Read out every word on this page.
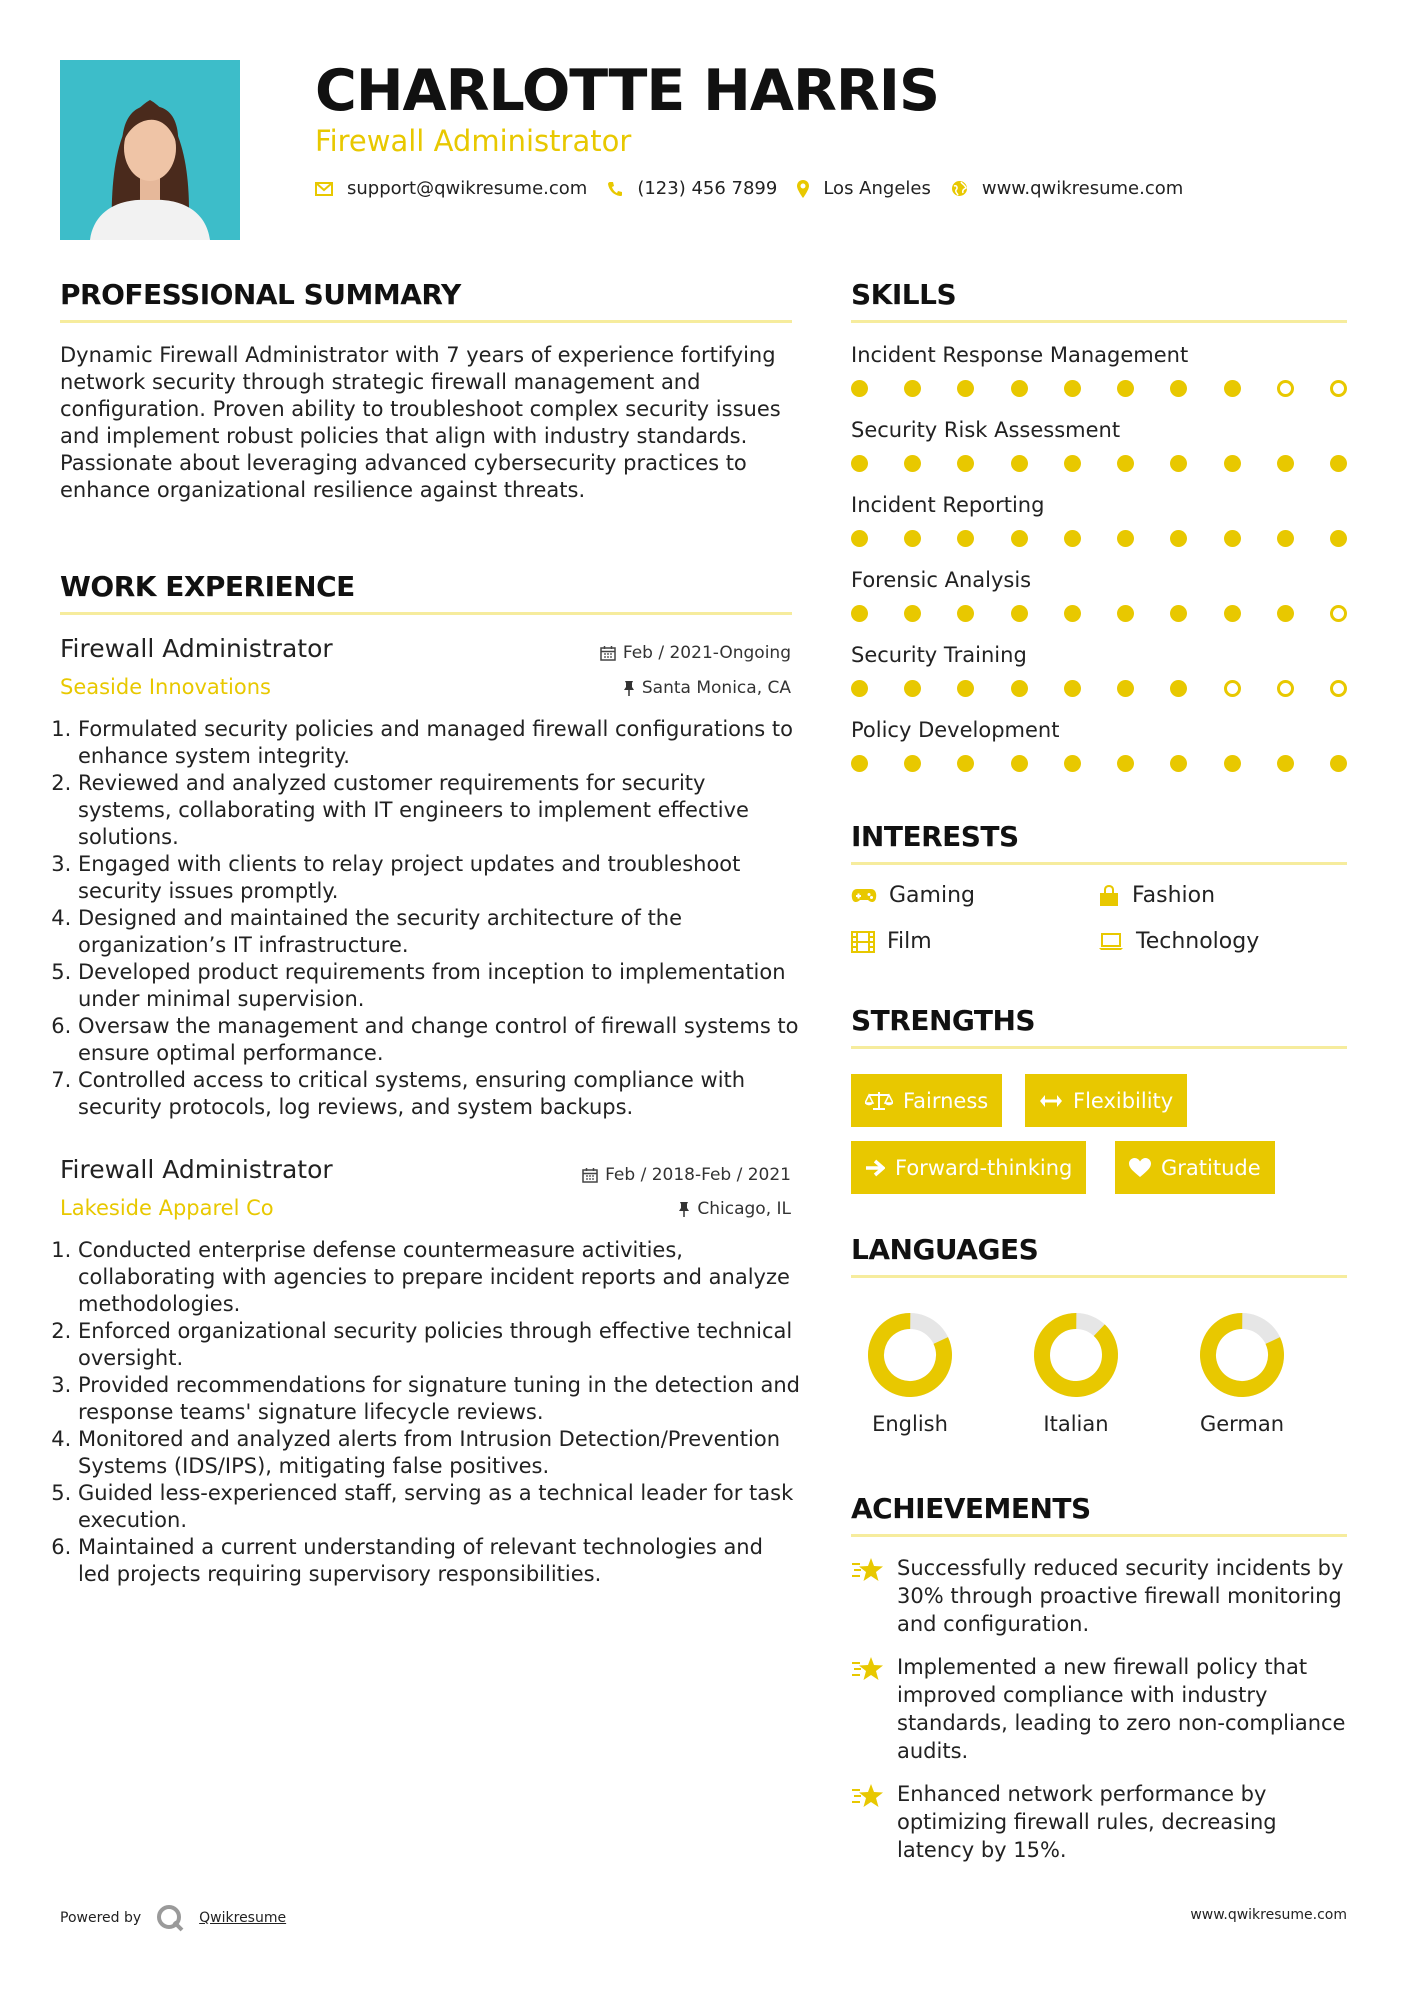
CHARLOTTE HARRIS
Firewall Administrator
support@qwikresume.com	(123) 456 7899	Los Angeles	www.qwikresume.com
PROFESSIONAL SUMMARY
Dynamic Firewall Administrator with 7 years of experience fortifying network security through strategic firewall management and configuration. Proven ability to troubleshoot complex security issues and implement robust policies that align with industry standards. Passionate about leveraging advanced cybersecurity practices to enhance organizational resilience against threats.
WORK EXPERIENCE
Firewall Administrator	Feb / 2021-Ongoing
Seaside Innovations	Santa Monica, CA
1. Formulated security policies and managed firewall configurations to enhance system integrity.
2. Reviewed and analyzed customer requirements for security systems, collaborating with IT engineers to implement effective solutions.
3. Engaged with clients to relay project updates and troubleshoot security issues promptly.
4. Designed and maintained the security architecture of the organization’s IT infrastructure.
5. Developed product requirements from inception to implementation under minimal supervision.
6. Oversaw the management and change control of firewall systems to ensure optimal performance.
7. Controlled access to critical systems, ensuring compliance with security protocols, log reviews, and system backups.
Firewall Administrator	Feb / 2018-Feb / 2021
Lakeside Apparel Co	Chicago, IL
1. Conducted enterprise defense countermeasure activities, collaborating with agencies to prepare incident reports and analyze methodologies.
2. Enforced organizational security policies through effective technical oversight.
3. Provided recommendations for signature tuning in the detection and response teams' signature lifecycle reviews.
4. Monitored and analyzed alerts from Intrusion Detection/Prevention Systems (IDS/IPS), mitigating false positives.
5. Guided less-experienced staff, serving as a technical leader for task execution.
6. Maintained a current understanding of relevant technologies and led projects requiring supervisory responsibilities.
SKILLS
Incident Response Management
Security Risk Assessment
Incident Reporting
Forensic Analysis
Security Training
Policy Development
INTERESTS
Gaming	Fashion
Film	Technology
STRENGTHS
Fairness	Flexibility
Forward-thinking	Gratitude
LANGUAGES
English	Italian	German
ACHIEVEMENTS
Successfully reduced security incidents by 30% through proactive firewall monitoring and configuration.
Implemented a new firewall policy that improved compliance with industry standards, leading to zero non-compliance audits.
Enhanced network performance by optimizing firewall rules, decreasing latency by 15%.
Powered by	Qwikresume	www.qwikresume.com
